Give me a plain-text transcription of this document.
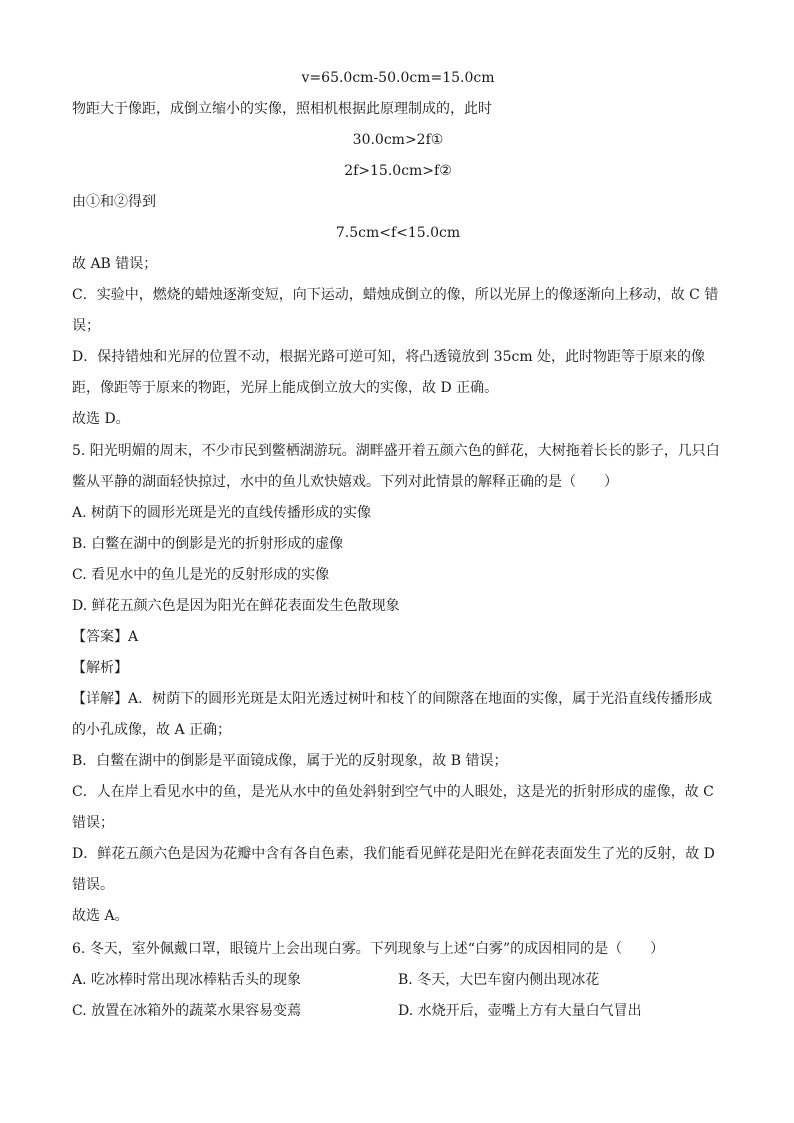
v=65.0cm-50.0cm=15.0cm
物距大于像距，成倒立缩小的实像，照相机根据此原理制成的，此时
30.0cm>2f①
2f>15.0cm>f②
由①和②得到
7.5cm<f<15.0cm
故 AB 错误；
C．实验中，燃烧的蜡烛逐渐变短，向下运动，蜡烛成倒立的像，所以光屏上的像逐渐向上移动，故 C 错
误；
D．保持错烛和光屏的位置不动，根据光路可逆可知，将凸透镜放到 35cm 处，此时物距等于原来的像
距，像距等于原来的物距，光屏上能成倒立放大的实像，故 D 正确。
故选 D。
5. 阳光明媚的周末，不少市民到鳖栖湖游玩。湖畔盛开着五颜六色的鲜花，大树拖着长长的影子，几只白
鳖从平静的湖面轻快掠过，水中的鱼儿欢快嬉戏。下列对此情景的解释正确的是（　　）
A. 树荫下的圆形光斑是光的直线传播形成的实像
B. 白鳖在湖中的倒影是光的折射形成的虚像
C. 看见水中的鱼儿是光的反射形成的实像
D. 鲜花五颜六色是因为阳光在鲜花表面发生色散现象
【答案】A
【解析】
【详解】A．树荫下的圆形光斑是太阳光透过树叶和枝丫的间隙落在地面的实像，属于光沿直线传播形成
的小孔成像，故 A 正确；
B．白鳖在湖中的倒影是平面镜成像，属于光的反射现象，故 B 错误；
C．人在岸上看见水中的鱼，是光从水中的鱼处斜射到空气中的人眼处，这是光的折射形成的虚像，故 C
错误；
D．鲜花五颜六色是因为花瓣中含有各自色素，我们能看见鲜花是阳光在鲜花表面发生了光的反射，故 D
错误。
故选 A。
6. 冬天，室外佩戴口罩，眼镜片上会出现白雾。下列现象与上述“白雾”的成因相同的是（　　）
A. 吃冰棒时常出现冰棒粘舌头的现象	B. 冬天，大巴车窗内侧出现冰花
C. 放置在冰箱外的蔬菜水果容易变蔫	D. 水烧开后，壶嘴上方有大量白气冒出
